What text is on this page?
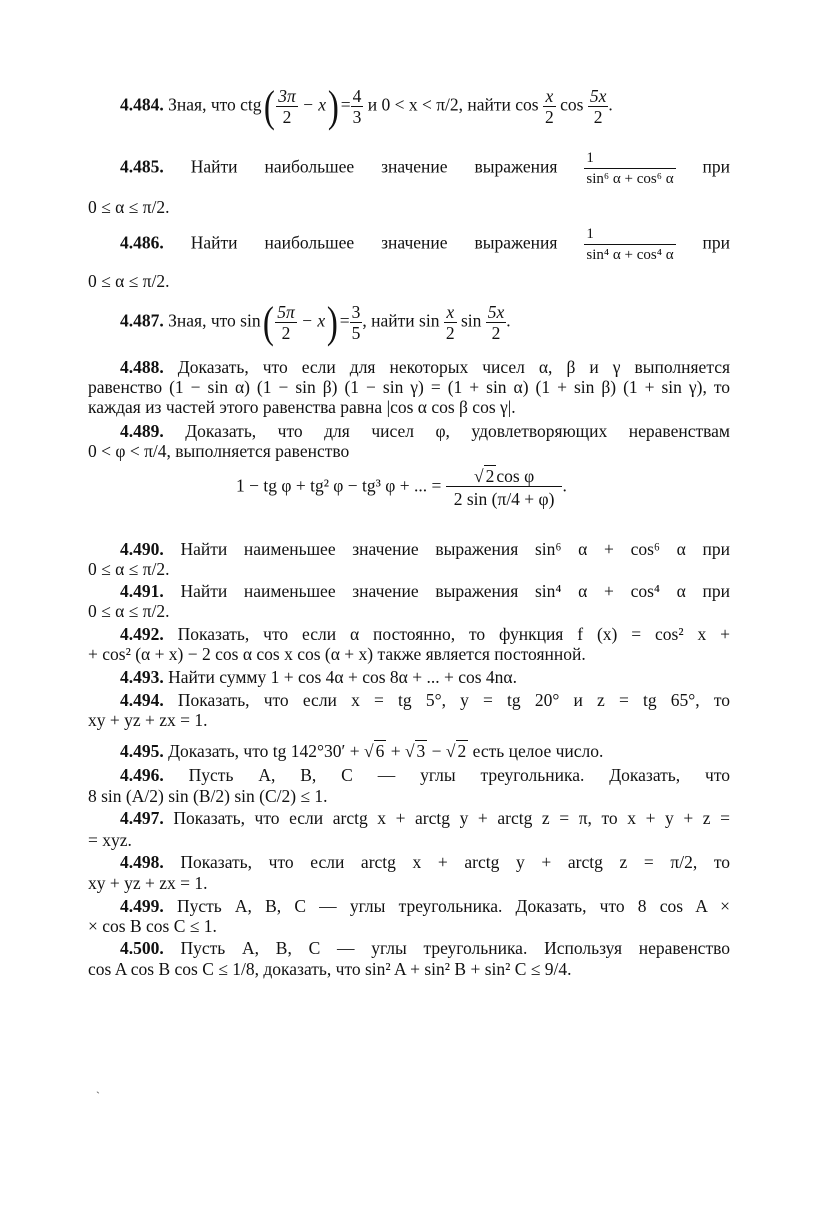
4.484. Зная, что $ctg( \frac{3\pi}{2} - x) = \frac{4}{3}$ и 0 < x < π/2, найти $\cos \frac{x}{2}$ $\cos \frac{5x}{2}$ .
4.485. Найти наибольшее значение выражения $\frac{1}{\text{sin⁶ α + cos⁶ α}}$ при
0 ≤ α ≤ π/2.
4.486. Найти наибольшее значение выражения $\frac{1}{\text{sin⁴ α + cos⁴ α}}$ при
0 ≤ α ≤ π/2.
4.487. Зная, что $\sin( \frac{5\pi}{2} - x) = \frac{3}{5}$ , найти $\sin \frac{x}{2}$ $\sin \frac{5x}{2}$ .
4.488. Доказать, что если для некоторых чисел α, β и γ выполняется
равенство (1 − sin α) (1 − sin β) (1 − sin γ) = (1 + sin α) (1 + sin β) (1 + sin γ), то
каждая из частей этого равенства равна |cos α cos β cos γ|.
4.489. Доказать, что для чисел φ, удовлетворяющих неравенствам
0 < φ < π/4, выполняется равенство
1 − tg φ + tg² φ − tg³ φ + ... = $\frac{\text{√ 2 cos φ}}{2 \sin (\pi/4 + \varphi)}$ .
4.490. Найти наименьшее значение выражения sin⁶ α + cos⁶ α при
0 ≤ α ≤ π/2.
4.491. Найти наименьшее значение выражения sin⁴ α + cos⁴ α при
0 ≤ α ≤ π/2.
4.492. Показать, что если α постоянно, то функция f (x) = cos² x +
+ cos² (α + x) − 2 cos α cos x cos (α + x) также является постоянной.
4.493. Найти сумму 1 + cos 4α + cos 8α + ... + cos 4nα.
4.494. Показать, что если x = tg 5°, y = tg 20° и z = tg 65°, то
xy + yz + zx = 1.
4.495. Доказать, что tg 142°30′ + √ 6 + √ 3 − √ 2 есть целое число.
4.496. Пусть A, B, C — углы треугольника. Доказать, что
8 sin (A/2) sin (B/2) sin (C/2) ≤ 1.
4.497. Показать, что если arctg x + arctg y + arctg z = π, то x + y + z =
= xyz.
4.498. Показать, что если arctg x + arctg y + arctg z = π/2, то
xy + yz + zx = 1.
4.499. Пусть A, B, C — углы треугольника. Доказать, что 8 cos A ×
× cos B cos C ≤ 1.
4.500. Пусть A, B, C — углы треугольника. Используя неравенство
cos A cos B cos C ≤ 1/8, доказать, что sin² A + sin² B + sin² C ≤ 9/4.
ˎ
